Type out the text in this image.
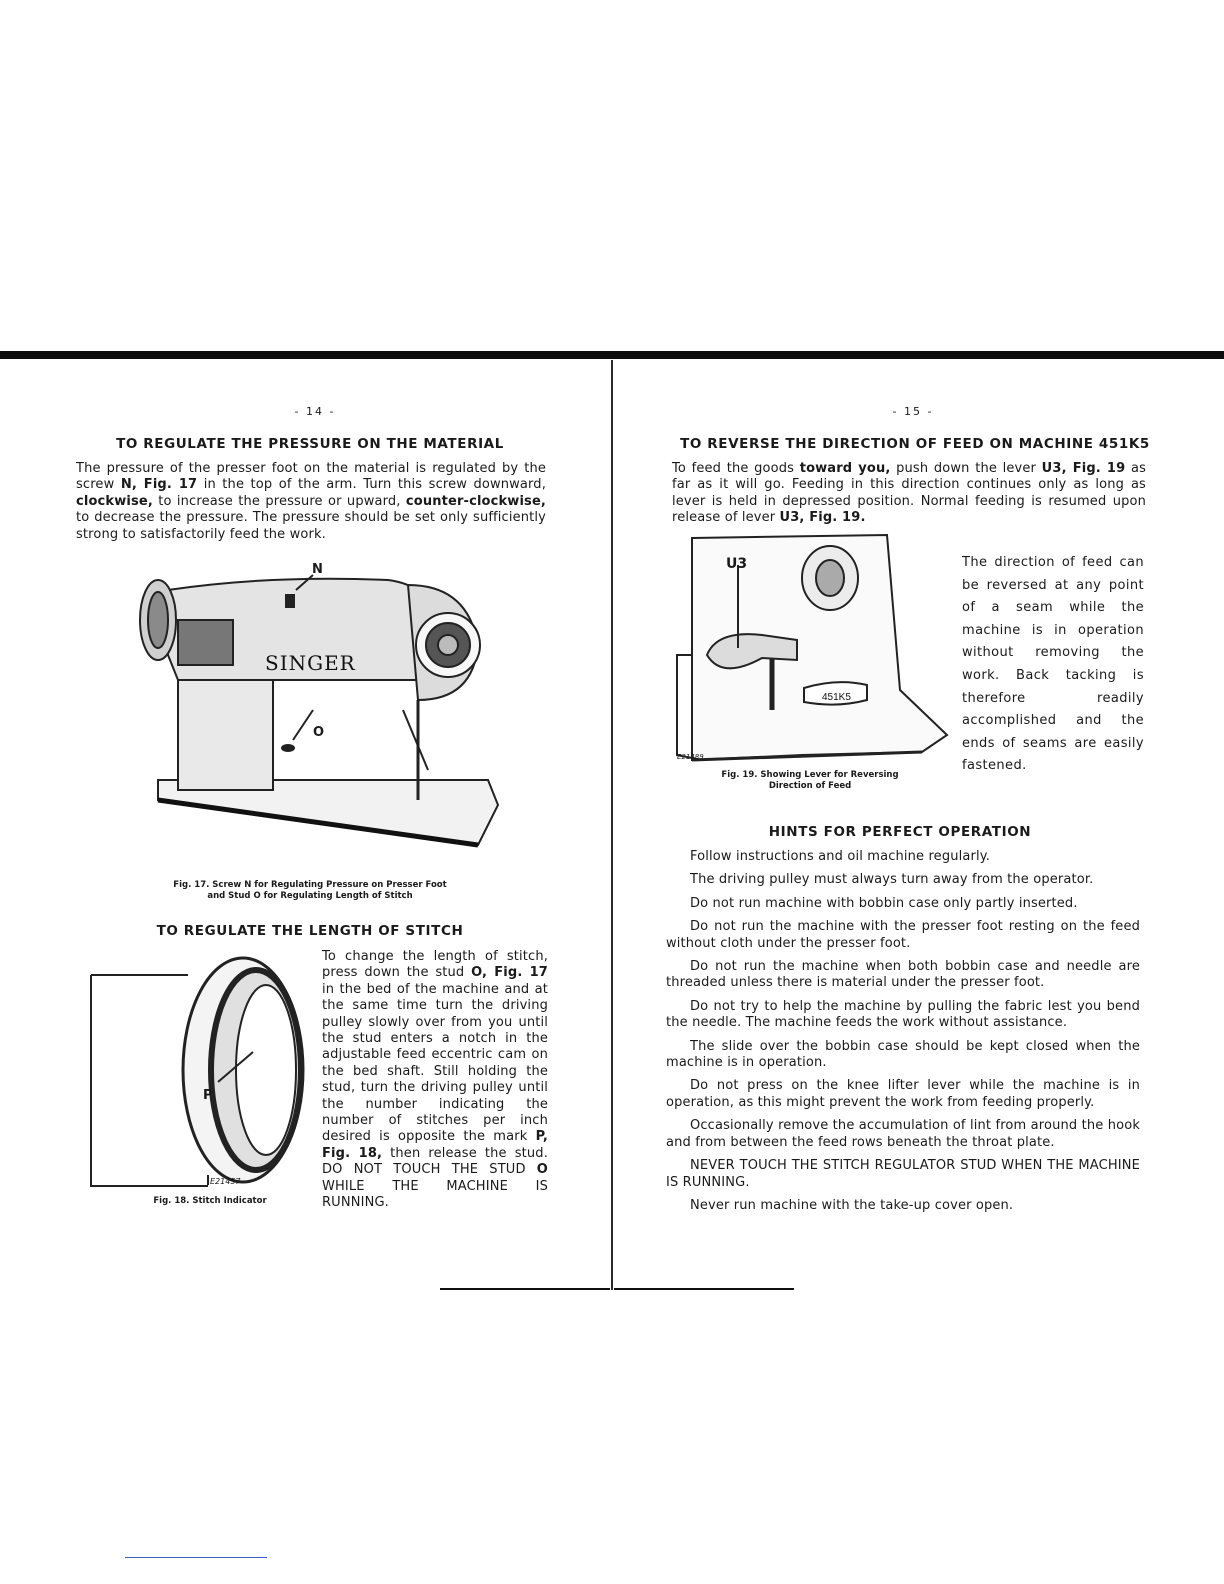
- 14 -
TO REGULATE THE PRESSURE ON THE MATERIAL
The pressure of the presser foot on the material is regulated by the screw N, Fig. 17 in the top of the arm. Turn this screw downward, clockwise, to increase the pressure or upward, counter-clockwise, to decrease the pressure. The pressure should be set only sufficiently strong to satisfactorily feed the work.
SINGER
N
O
Fig. 17. Screw N for Regulating Pressure on Presser Foot
and Stud O for Regulating Length of Stitch
TO REGULATE THE LENGTH OF STITCH
P
E21457
Fig. 18. Stitch Indicator
To change the length of stitch, press down the stud O, Fig. 17 in the bed of the machine and at the same time turn the driving pulley slowly over from you until the stud enters a notch in the adjustable feed eccentric cam on the bed shaft. Still holding the stud, turn the driving pulley until the number indicating the number of stitches per inch desired is opposite the mark P, Fig. 18, then release the stud. DO NOT TOUCH THE STUD O WHILE THE MACHINE IS RUNNING.
- 15 -
TO REVERSE THE DIRECTION OF FEED ON MACHINE 451K5
To feed the goods toward you, push down the lever U3, Fig. 19 as far as it will go. Feeding in this direction continues only as long as lever is held in depressed position. Normal feeding is resumed upon release of lever U3, Fig. 19.
451K5
U3
E21489
Fig. 19. Showing Lever for Reversing
Direction of Feed
The direction of feed can be reversed at any point of a seam while the machine is in operation without removing the work. Back tacking is therefore readily accomplished and the ends of seams are easily fastened.
HINTS FOR PERFECT OPERATION
Follow instructions and oil machine regularly.
The driving pulley must always turn away from the operator.
Do not run machine with bobbin case only partly inserted.
Do not run the machine with the presser foot resting on the feed without cloth under the presser foot.
Do not run the machine when both bobbin case and needle are threaded unless there is material under the presser foot.
Do not try to help the machine by pulling the fabric lest you bend the needle. The machine feeds the work without assistance.
The slide over the bobbin case should be kept closed when the machine is in operation.
Do not press on the knee lifter lever while the machine is in operation, as this might prevent the work from feeding properly.
Occasionally remove the accumulation of lint from around the hook and from between the feed rows beneath the throat plate.
NEVER TOUCH THE STITCH REGULATOR STUD WHEN THE MACHINE IS RUNNING.
Never run machine with the take-up cover open.
